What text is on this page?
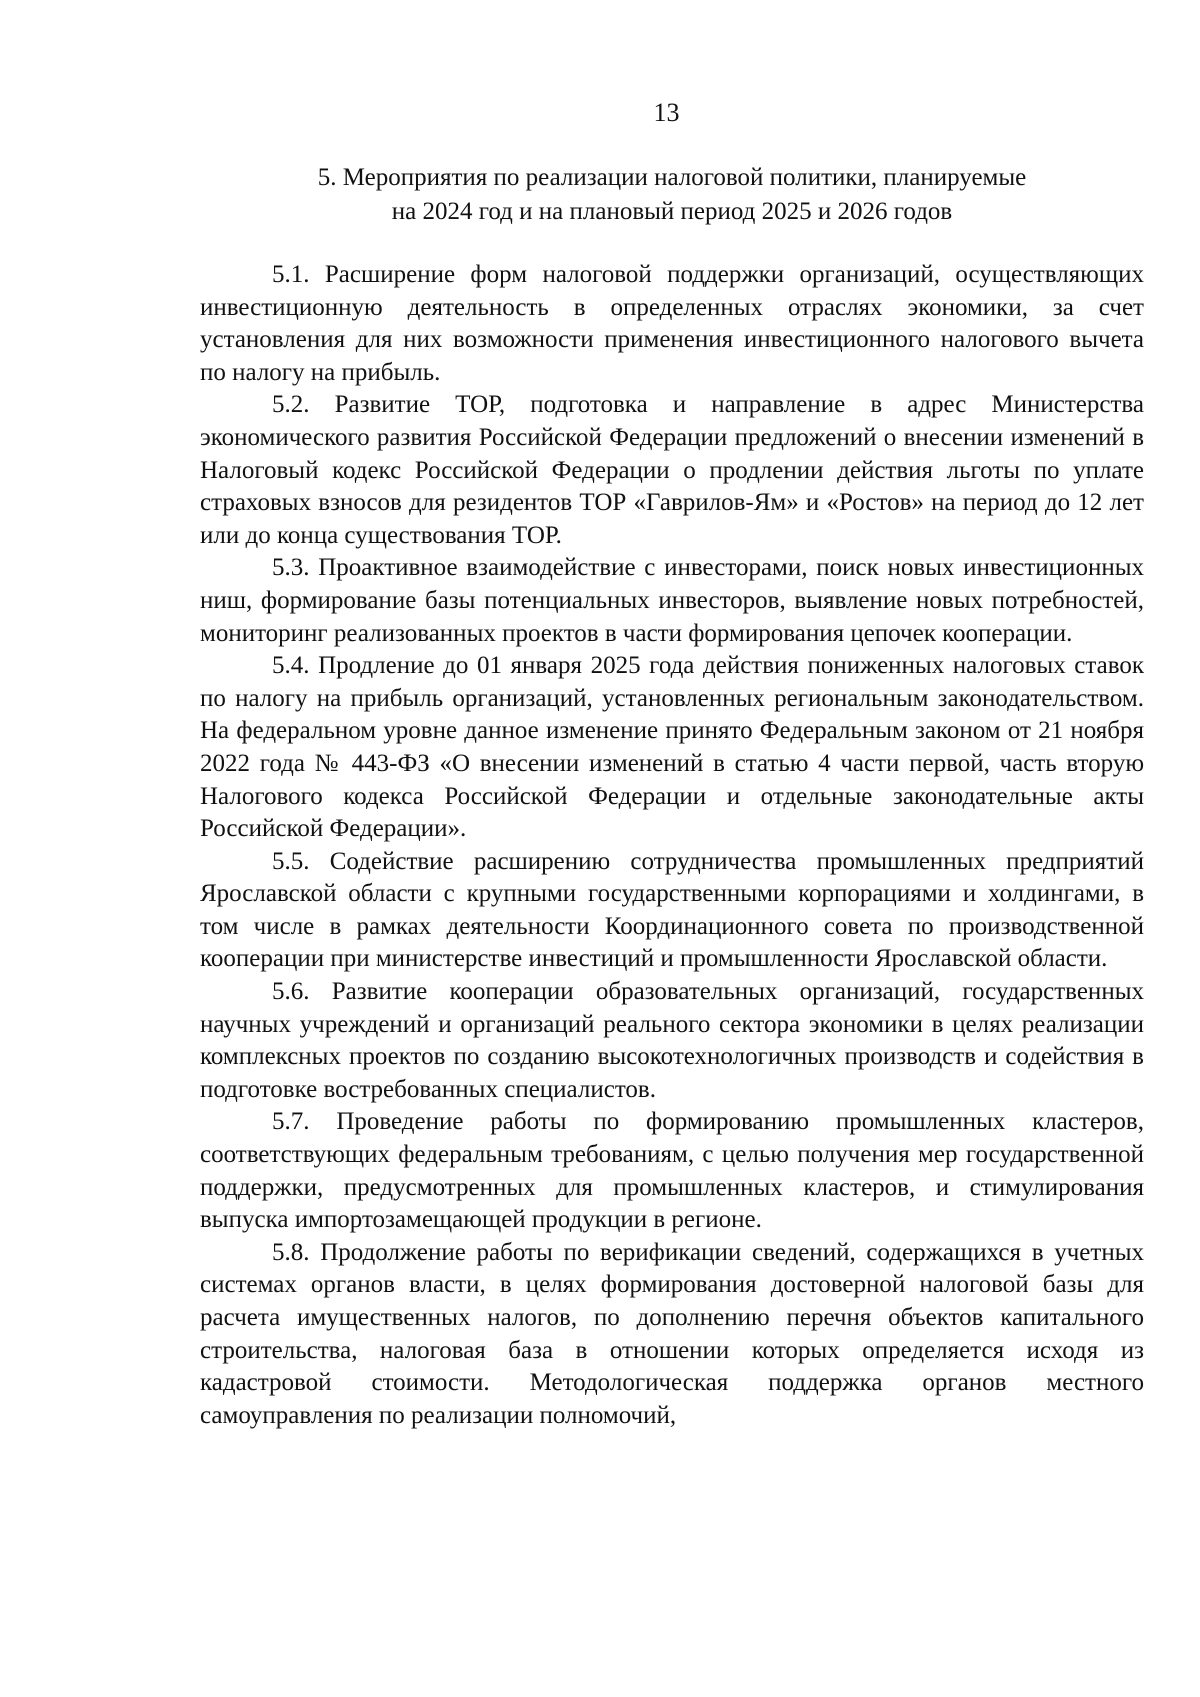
13
5. Мероприятия по реализации налоговой политики, планируемые
на 2024 год и на плановый период 2025 и 2026 годов

5.1. Расширение форм налоговой поддержки организаций, осуществляющих инвестиционную деятельность в определенных отраслях экономики, за счет установления для них возможности применения инвестиционного налогового вычета по налогу на прибыль.

5.2. Развитие ТОР, подготовка и направление в адрес Министерства экономического развития Российской Федерации предложений о внесении изменений в Налоговый кодекс Российской Федерации о продлении действия льготы по уплате страховых взносов для резидентов ТОР «Гаврилов-Ям» и «Ростов» на период до 12 лет или до конца существования ТОР.

5.3. Проактивное взаимодействие с инвесторами, поиск новых инвестиционных ниш, формирование базы потенциальных инвесторов, выявление новых потребностей, мониторинг реализованных проектов в части формирования цепочек кооперации.

5.4. Продление до 01 января 2025 года действия пониженных налоговых ставок по налогу на прибыль организаций, установленных региональным законодательством. На федеральном уровне данное изменение принято Федеральным законом от 21 ноября 2022 года № 443-ФЗ «О внесении изменений в статью 4 части первой, часть вторую Налогового кодекса Российской Федерации и отдельные законодательные акты Российской Федерации».

5.5. Содействие расширению сотрудничества промышленных предприятий Ярославской области с крупными государственными корпорациями и холдингами, в том числе в рамках деятельности Координационного совета по производственной кооперации при министерстве инвестиций и промышленности Ярославской области.

5.6. Развитие кооперации образовательных организаций, государственных научных учреждений и организаций реального сектора экономики в целях реализации комплексных проектов по созданию высокотехнологичных производств и содействия в подготовке востребованных специалистов.

5.7. Проведение работы по формированию промышленных кластеров, соответствующих федеральным требованиям, с целью получения мер государственной поддержки, предусмотренных для промышленных кластеров, и стимулирования выпуска импортозамещающей продукции в регионе.

5.8. Продолжение работы по верификации сведений, содержащихся в учетных системах органов власти, в целях формирования достоверной налоговой базы для расчета имущественных налогов, по дополнению перечня объектов капитального строительства, налоговая база в отношении которых определяется исходя из кадастровой стоимости. Методологическая поддержка органов местного самоуправления по реализации полномочий,
